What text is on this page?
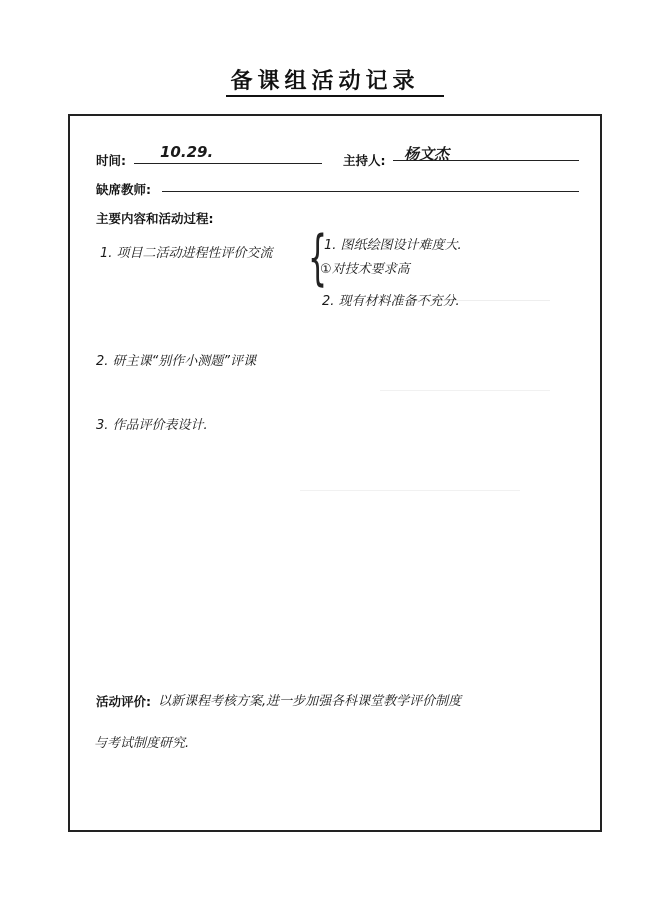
备课组活动记录
时间: 10.29.	主持人: 杨文杰
缺席教师:
主要内容和活动过程:
1. 项目二活动进程性评价交流 {
1. 图纸绘图设计难度大.
①对技术要求高
2. 现有材料准备不充分.
2. 研主课“别作小测题”评课
3. 作品评价表设计.
活动评价: 以新课程考核方案,进一步加强各科课堂教学评价制度
与考试制度研究.
